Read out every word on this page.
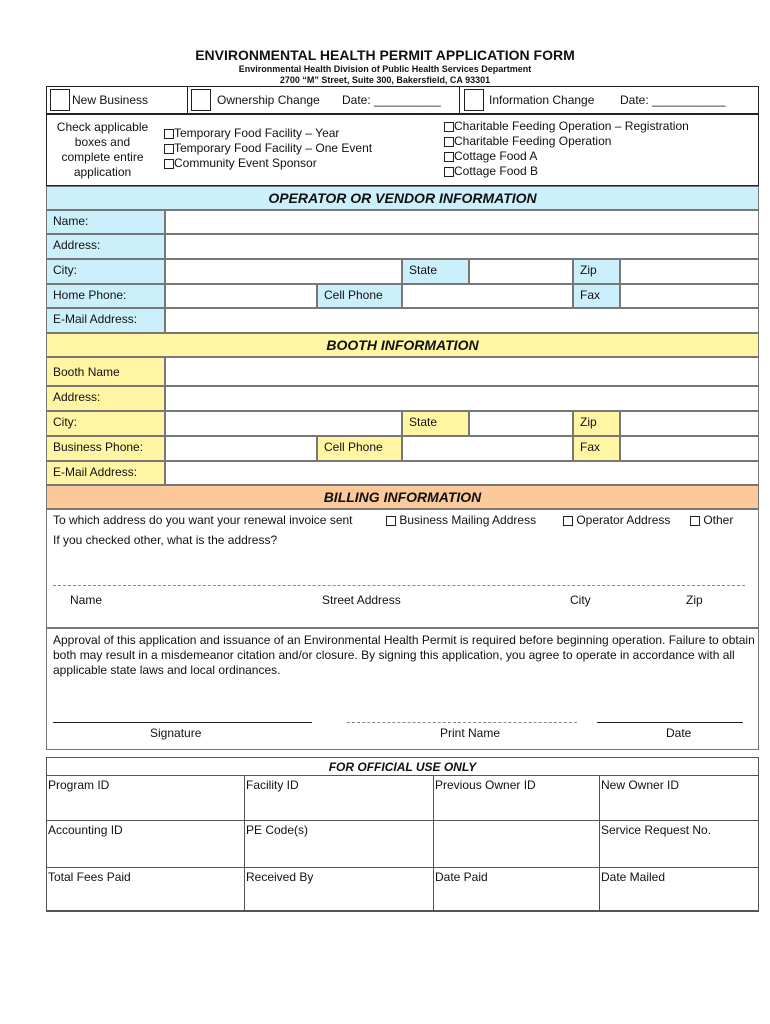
ENVIRONMENTAL HEALTH PERMIT APPLICATION FORM
Environmental Health Division of Public Health Services Department
2700 “M” Street, Suite 300, Bakersfield, CA 93301
New Business	Ownership Change Date: __________	Information Change Date: ___________
Check applicable boxes and complete entire application
Temporary Food Facility – Year
Temporary Food Facility – One Event
Community Event Sponsor
Charitable Feeding Operation – Registration
Charitable Feeding Operation
Cottage Food A
Cottage Food B
OPERATOR OR VENDOR INFORMATION
Name:
Address:
City:	State	Zip
Home Phone:	Cell Phone	Fax
E-Mail Address:
BOOTH INFORMATION
Booth Name
Address:
City:	State	Zip
Business Phone:	Cell Phone	Fax
E-Mail Address:
BILLING INFORMATION
To which address do you want your renewal invoice sent	Business Mailing Address	Operator Address	Other
If you checked other, what is the address?
Name	Street Address	City	Zip
Approval of this application and issuance of an Environmental Health Permit is required before beginning operation. Failure to obtain both may result in a misdemeanor citation and/or closure. By signing this application, you agree to operate in accordance with all applicable state laws and local ordinances.
Signature	Print Name	Date
FOR OFFICIAL USE ONLY
Program ID	Facility ID	Previous Owner ID	New Owner ID
Accounting ID	PE Code(s)		Service Request No.
Total Fees Paid	Received By	Date Paid	Date Mailed
